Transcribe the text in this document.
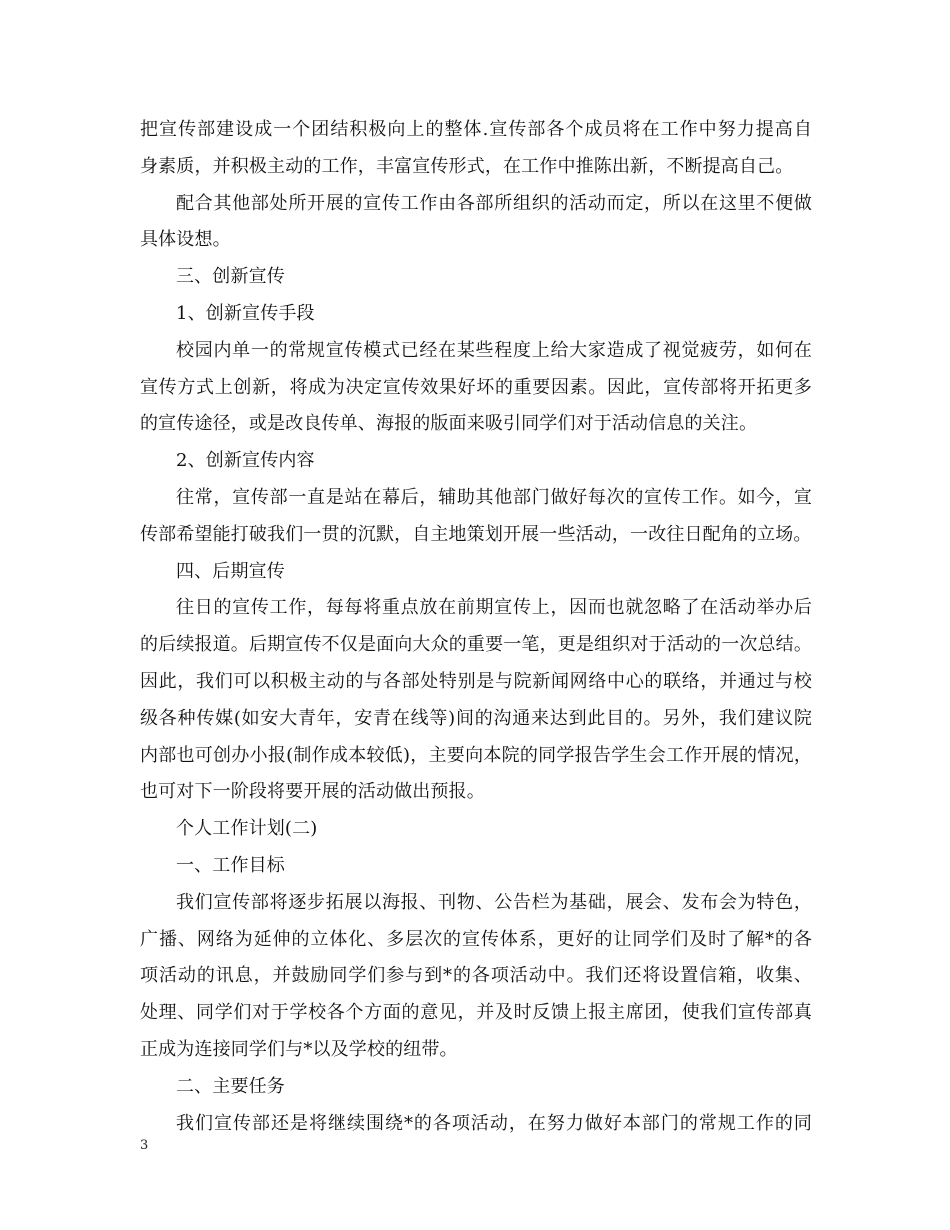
把宣传部建设成一个团结积极向上的整体.宣传部各个成员将在工作中努力提高自
身素质，并积极主动的工作，丰富宣传形式，在工作中推陈出新，不断提高自己。
配合其他部处所开展的宣传工作由各部所组织的活动而定，所以在这里不便做
具体设想。
三、创新宣传
1、创新宣传手段
校园内单一的常规宣传模式已经在某些程度上给大家造成了视觉疲劳，如何在
宣传方式上创新，将成为决定宣传效果好坏的重要因素。因此，宣传部将开拓更多
的宣传途径，或是改良传单、海报的版面来吸引同学们对于活动信息的关注。
2、创新宣传内容
往常，宣传部一直是站在幕后，辅助其他部门做好每次的宣传工作。如今，宣
传部希望能打破我们一贯的沉默，自主地策划开展一些活动，一改往日配角的立场。
四、后期宣传
往日的宣传工作，每每将重点放在前期宣传上，因而也就忽略了在活动举办后
的后续报道。后期宣传不仅是面向大众的重要一笔，更是组织对于活动的一次总结。
因此，我们可以积极主动的与各部处特别是与院新闻网络中心的联络，并通过与校
级各种传媒(如安大青年，安青在线等)间的沟通来达到此目的。另外，我们建议院
内部也可创办小报(制作成本较低)，主要向本院的同学报告学生会工作开展的情况，
也可对下一阶段将要开展的活动做出预报。
个人工作计划(二)
一、工作目标
我们宣传部将逐步拓展以海报、刊物、公告栏为基础，展会、发布会为特色，
广播、网络为延伸的立体化、多层次的宣传体系，更好的让同学们及时了解*的各
项活动的讯息，并鼓励同学们参与到*的各项活动中。我们还将设置信箱，收集、
处理、同学们对于学校各个方面的意见，并及时反馈上报主席团，使我们宣传部真
正成为连接同学们与*以及学校的纽带。
二、主要任务
我们宣传部还是将继续围绕*的各项活动，在努力做好本部门的常规工作的同
3
